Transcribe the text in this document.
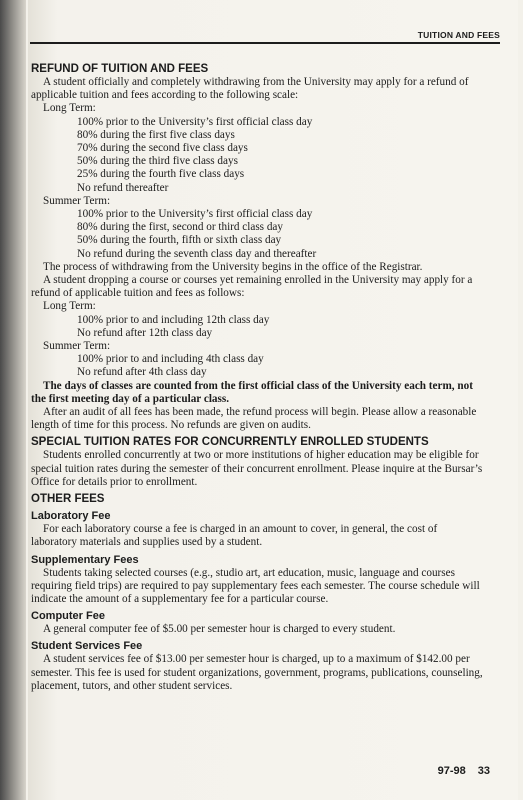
TUITION AND FEES

REFUND OF TUITION AND FEES

A student officially and completely withdrawing from the University may apply for a refund of applicable tuition and fees according to the following scale:

Long Term:

100% prior to the University’s first official class day

80% during the first five class days

70% during the second five class days

50% during the third five class days

25% during the fourth five class days

No refund thereafter

Summer Term:

100% prior to the University’s first official class day

80% during the first, second or third class day

50% during the fourth, fifth or sixth class day

No refund during the seventh class day and thereafter

The process of withdrawing from the University begins in the office of the Registrar.

A student dropping a course or courses yet remaining enrolled in the University may apply for a refund of applicable tuition and fees as follows:

Long Term:

100% prior to and including 12th class day

No refund after 12th class day

Summer Term:

100% prior to and including 4th class day

No refund after 4th class day

The days of classes are counted from the first official class of the University each term, not the first meeting day of a particular class.

After an audit of all fees has been made, the refund process will begin. Please allow a reasonable length of time for this process. No refunds are given on audits.

SPECIAL TUITION RATES FOR CONCURRENTLY ENROLLED STUDENTS

Students enrolled concurrently at two or more institutions of higher education may be eligible for special tuition rates during the semester of their concurrent enrollment. Please inquire at the Bursar’s Office for details prior to enrollment.

OTHER FEES

Laboratory Fee

For each laboratory course a fee is charged in an amount to cover, in general, the cost of laboratory materials and supplies used by a student.

Supplementary Fees

Students taking selected courses (e.g., studio art, art education, music, language and courses requiring field trips) are required to pay supplementary fees each semester. The course schedule will indicate the amount of a supplementary fee for a particular course.

Computer Fee

A general computer fee of $5.00 per semester hour is charged to every student.

Student Services Fee

A student services fee of $13.00 per semester hour is charged, up to a maximum of $142.00 per semester. This fee is used for student organizations, government, programs, publications, counseling, placement, tutors, and other student services.

97-98 33
